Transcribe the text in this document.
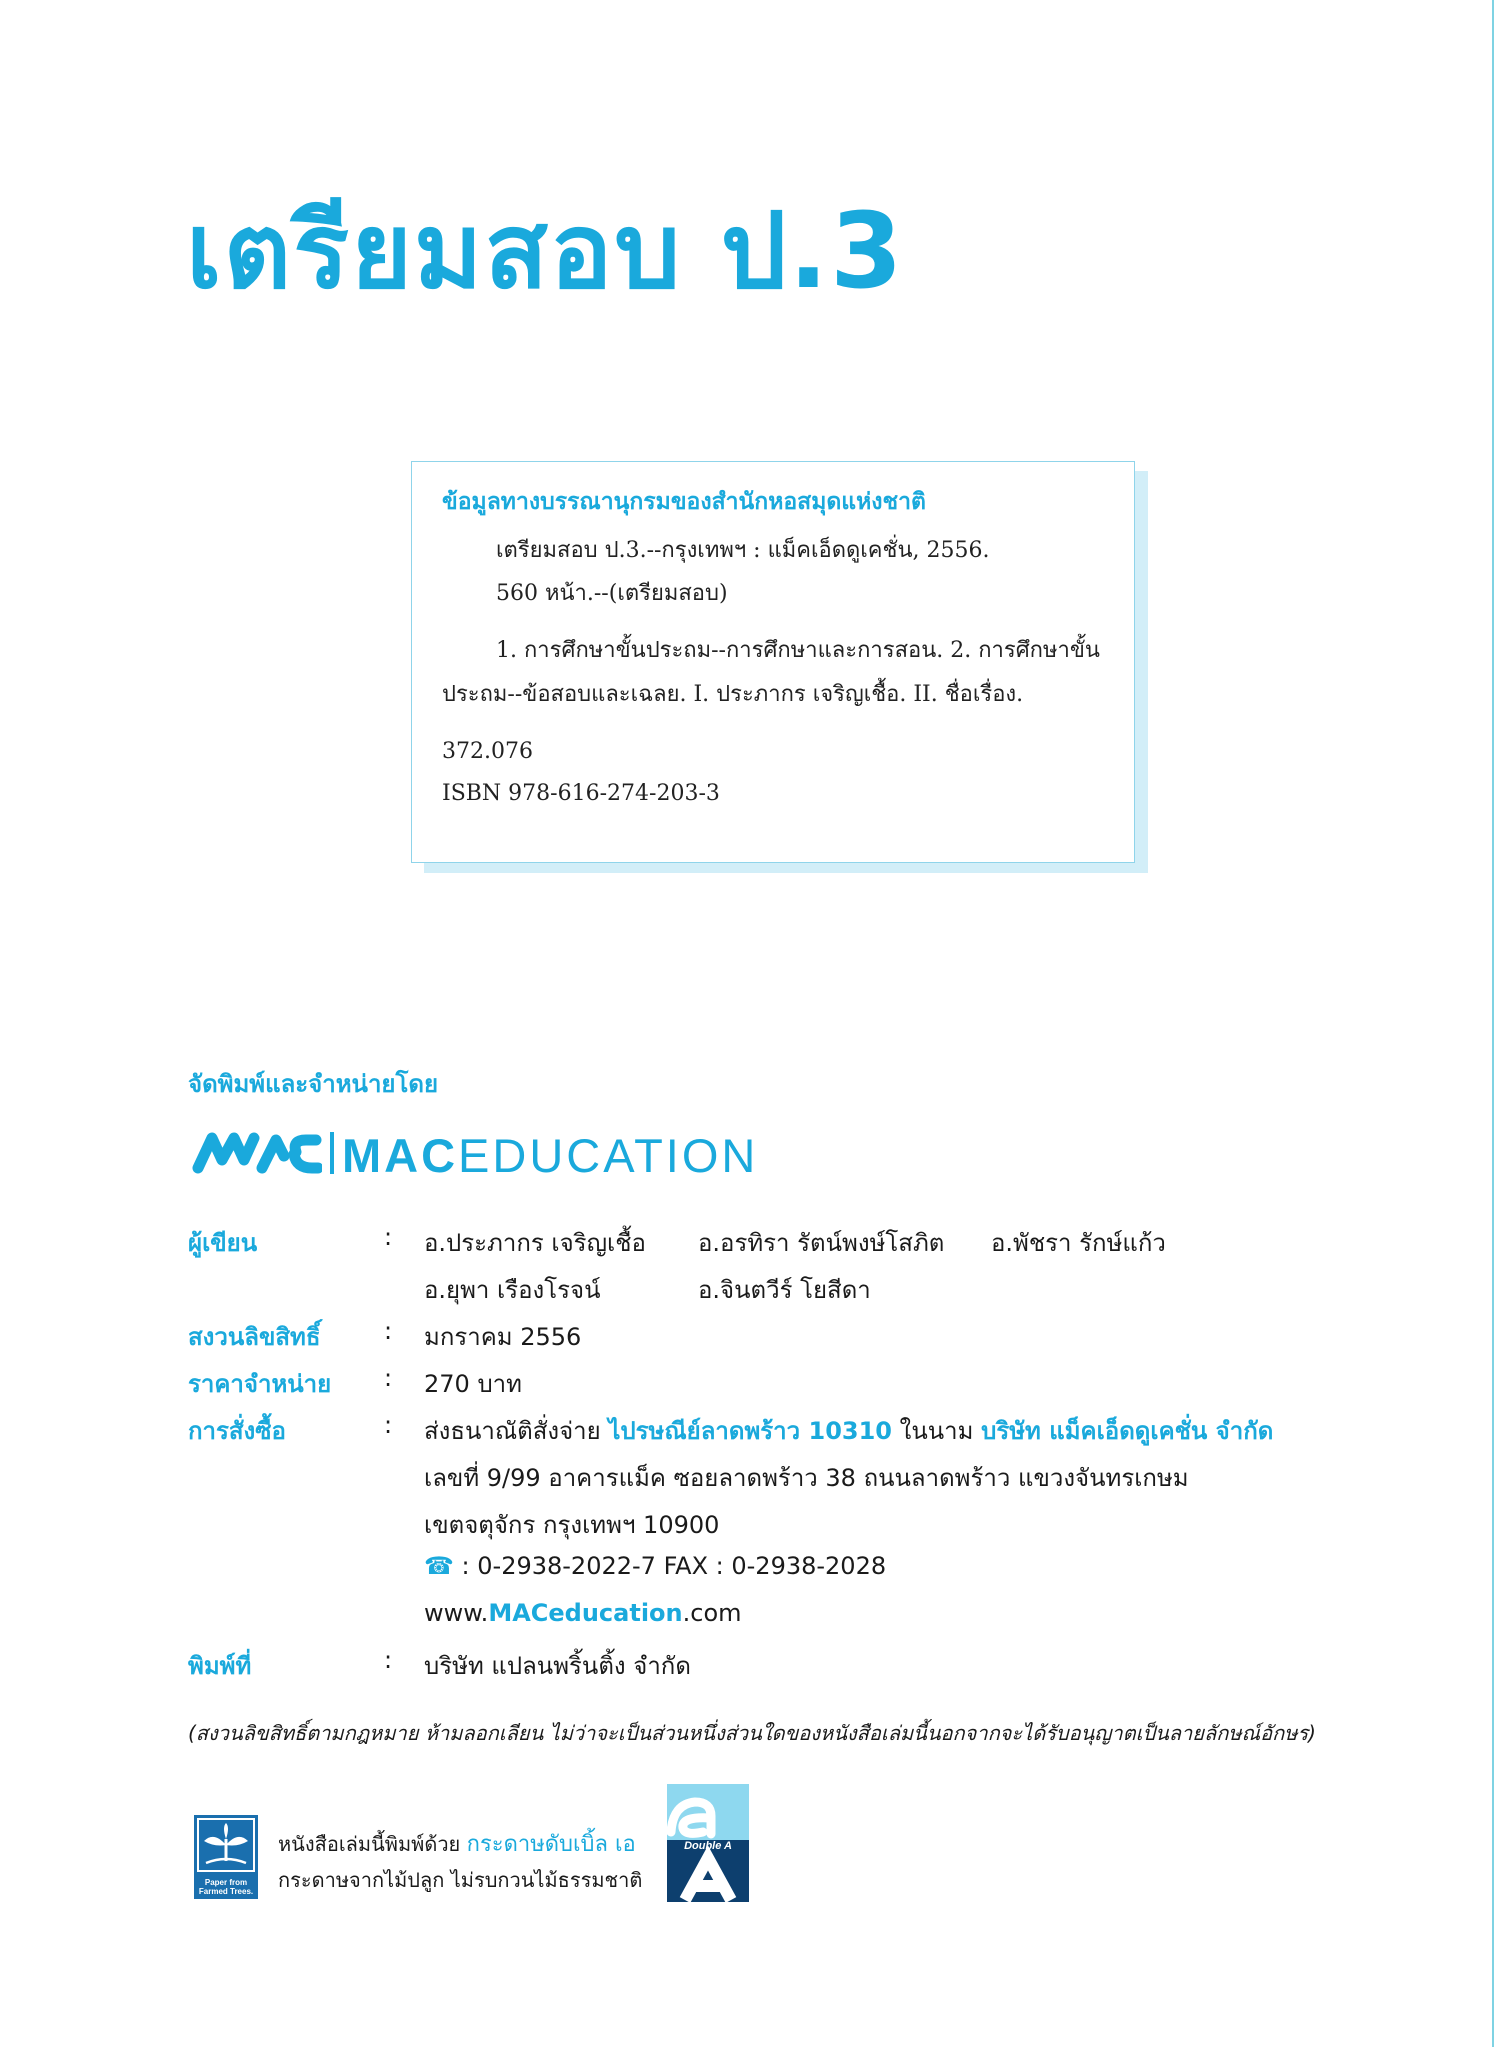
เตรียมสอบ ป.3
ข้อมูลทางบรรณานุกรมของสำนักหอสมุดแห่งชาติ
เตรียมสอบ ป.3.--กรุงเทพฯ : แม็คเอ็ดดูเคชั่น, 2556.
560 หน้า.--(เตรียมสอบ)
1. การศึกษาขั้นประถม--การศึกษาและการสอน. 2. การศึกษาขั้น
ประถม--ข้อสอบและเฉลย. I. ประภากร เจริญเชื้อ. II. ชื่อเรื่อง.
372.076
ISBN 978-616-274-203-3
จัดพิมพ์และจำหน่ายโดย
MACEDUCATION
ผู้เขียน	: อ.ประภากร เจริญเชื้อ อ.อรทิรา รัตน์พงษ์โสภิต อ.พัชรา รักษ์แก้ว
อ.ยุพา เรืองโรจน์	อ.จินตวีร์ โยสีดา
สงวนลิขสิทธิ์	: มกราคม 2556
ราคาจำหน่าย : 270 บาท
การสั่งซื้อ	: ส่งธนาณัติสั่งจ่าย ไปรษณีย์ลาดพร้าว 10310 ในนาม บริษัท แม็คเอ็ดดูเคชั่น จำกัด
เลขที่ 9/99 อาคารแม็ค ซอยลาดพร้าว 38 ถนนลาดพร้าว แขวงจันทรเกษม
เขตจตุจักร กรุงเทพฯ 10900
☎ : 0-2938-2022-7 FAX : 0-2938-2028
www.MACeducation.com
พิมพ์ที่	: บริษัท แปลนพริ้นติ้ง จำกัด
(สงวนลิขสิทธิ์ตามกฎหมาย ห้ามลอกเลียน ไม่ว่าจะเป็นส่วนหนึ่งส่วนใดของหนังสือเล่มนี้นอกจากจะได้รับอนุญาตเป็นลายลักษณ์อักษร)
Paper from
Farmed Trees.
หนังสือเล่มนี้พิมพ์ด้วย กระดาษดับเบิ้ล เอ
กระดาษจากไม้ปลูก ไม่รบกวนไม้ธรรมชาติ
Double A
